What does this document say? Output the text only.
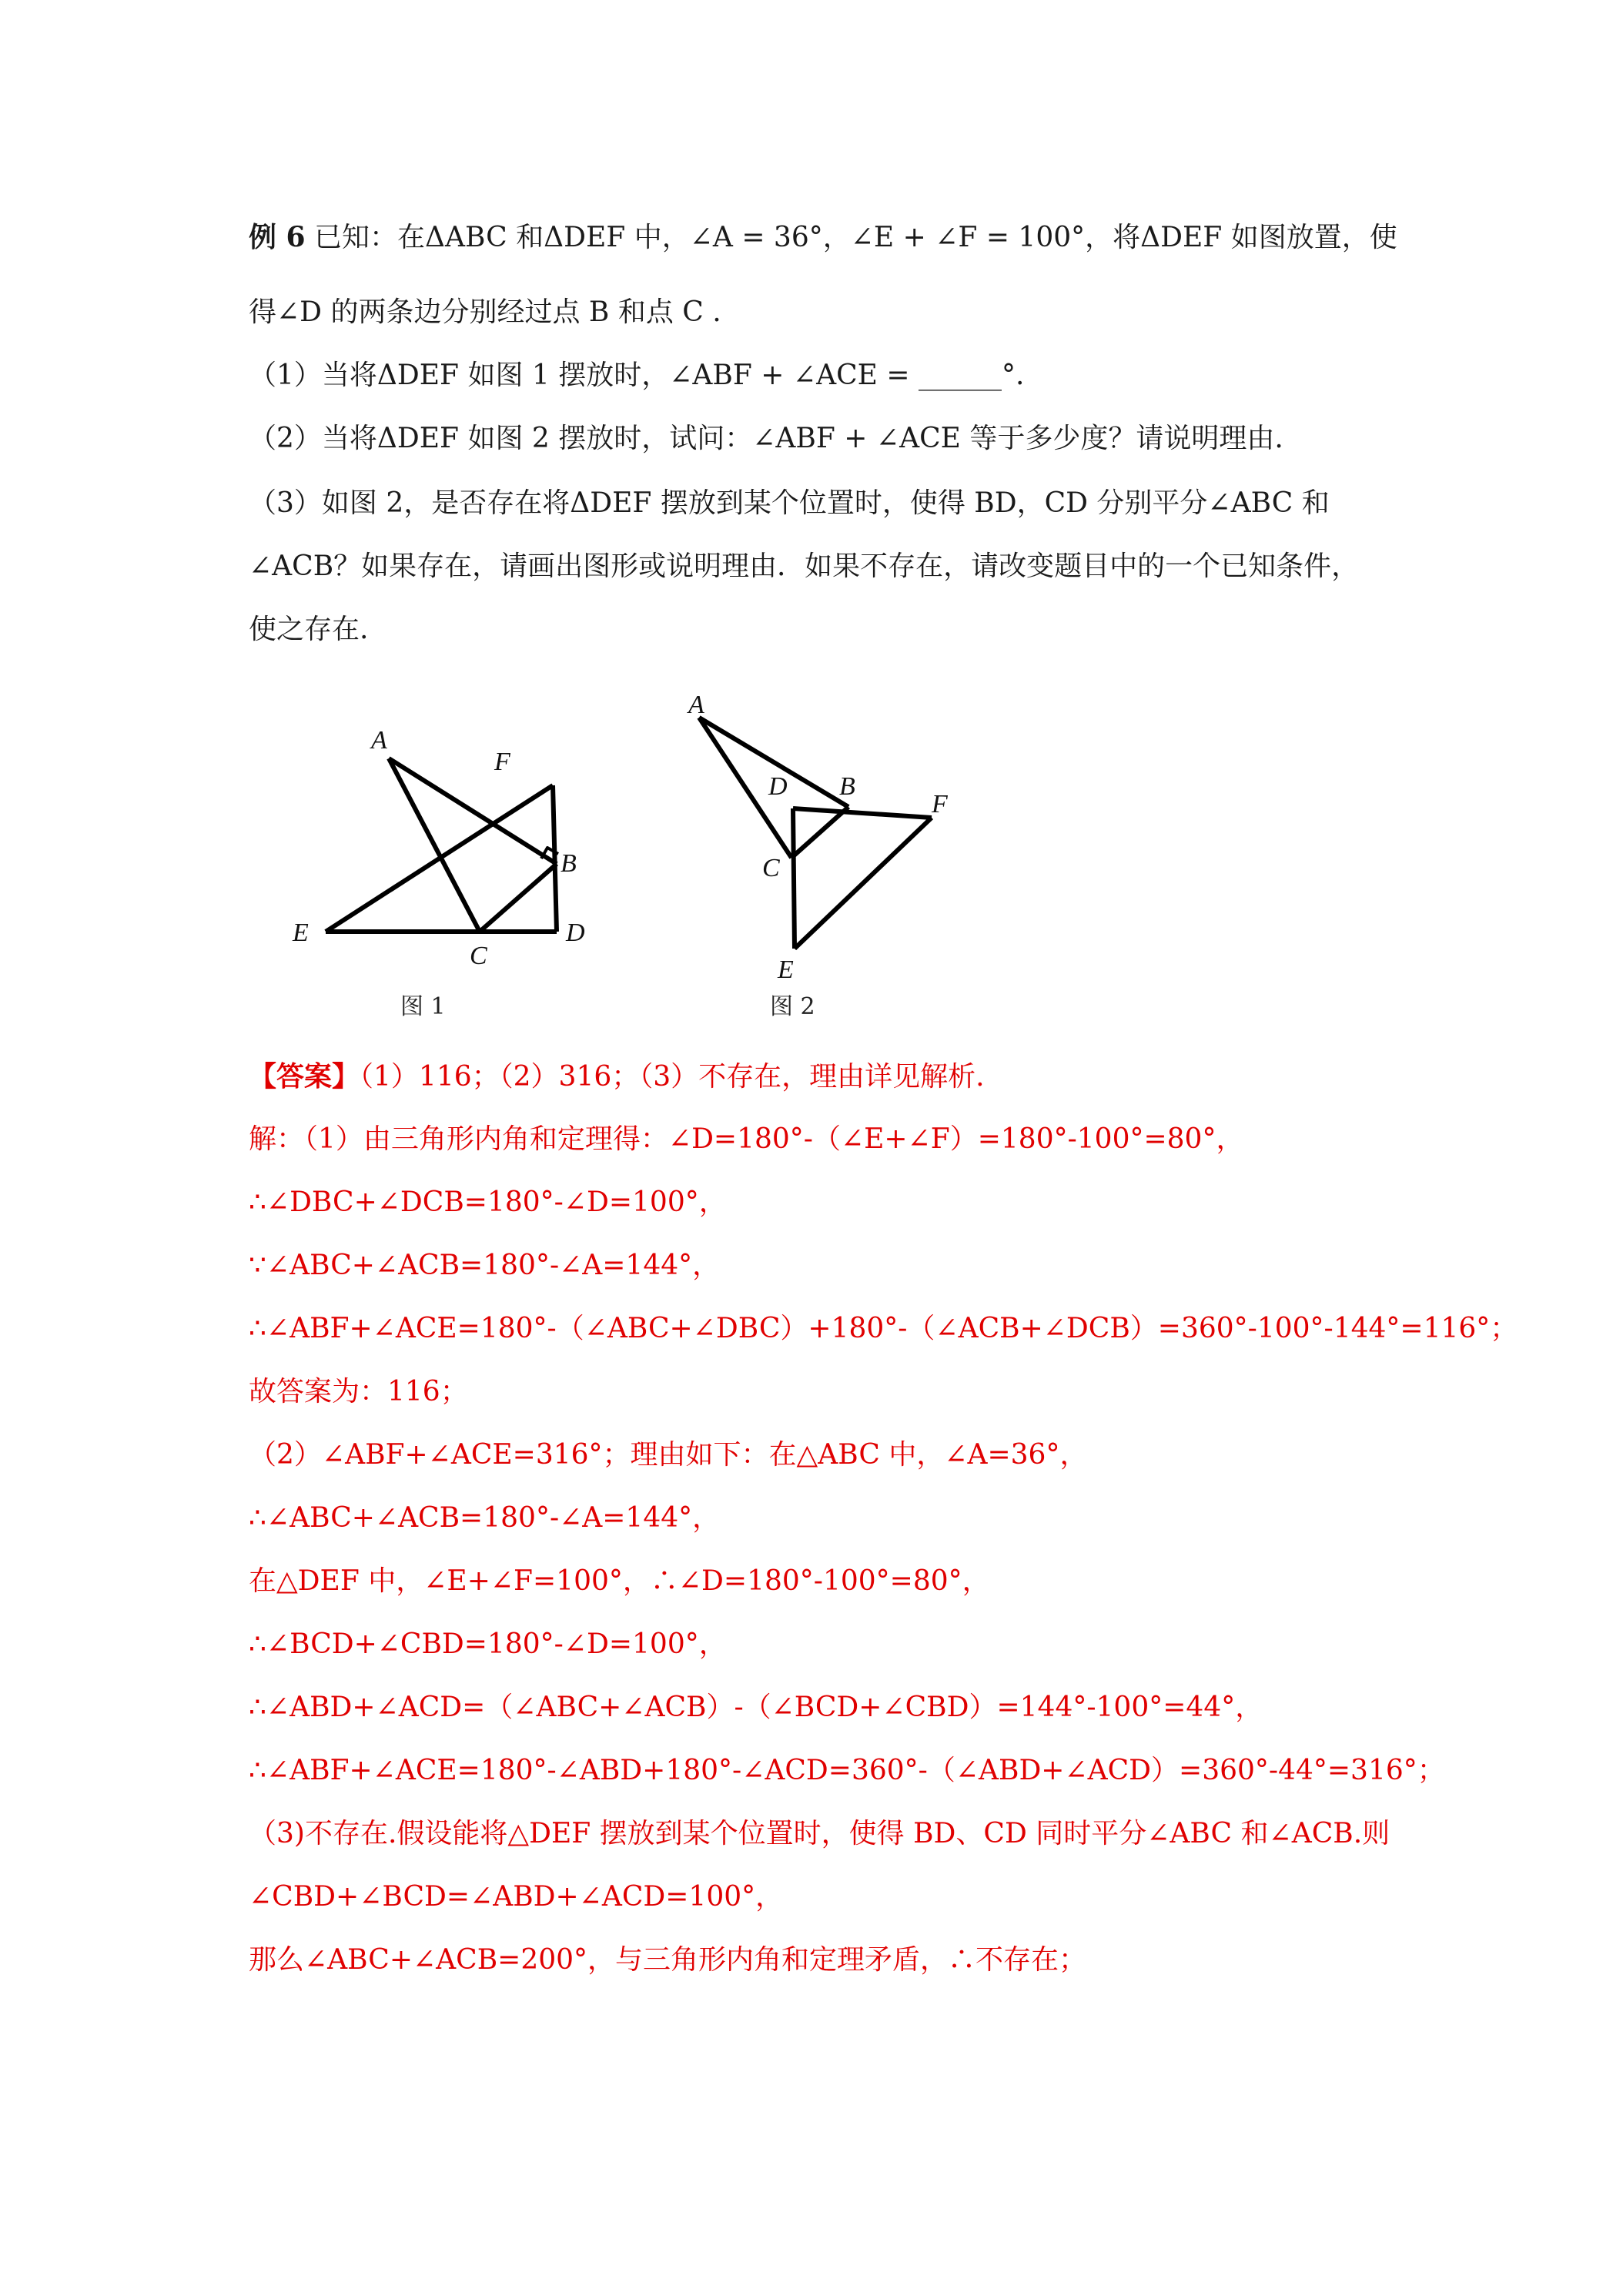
例 6 已知：在ΔABC 和ΔDEF 中，∠A = 36°，∠E + ∠F = 100°，将ΔDEF 如图放置，使
得∠D 的两条边分别经过点 B 和点 C .
（1）当将ΔDEF 如图 1 摆放时，∠ABF + ∠ACE = ______°.
（2）当将ΔDEF 如图 2 摆放时，试问：∠ABF + ∠ACE 等于多少度？请说明理由.
（3）如图 2，是否存在将ΔDEF 摆放到某个位置时，使得 BD，CD 分别平分∠ABC 和
∠ACB？如果存在，请画出图形或说明理由．如果不存在，请改变题目中的一个已知条件，
使之存在.
A
F
B
E
C
D
图 1
A
D B
F
C
E
图 2
【答案】（1）116；（2）316；（3）不存在，理由详见解析.
解：（1）由三角形内角和定理得：∠D=180°-（∠E+∠F）=180°-100°=80°，
∴∠DBC+∠DCB=180°-∠D=100°，
∵∠ABC+∠ACB=180°-∠A=144°，
∴∠ABF+∠ACE=180°-（∠ABC+∠DBC）+180°-（∠ACB+∠DCB）=360°-100°-144°=116°；
故答案为：116；
（2）∠ABF+∠ACE=316°；理由如下：在△ABC 中，∠A=36°，
∴∠ABC+∠ACB=180°-∠A=144°，
在△DEF 中，∠E+∠F=100°，∴∠D=180°-100°=80°，
∴∠BCD+∠CBD=180°-∠D=100°，
∴∠ABD+∠ACD=（∠ABC+∠ACB）-（∠BCD+∠CBD）=144°-100°=44°，
∴∠ABF+∠ACE=180°-∠ABD+180°-∠ACD=360°-（∠ABD+∠ACD）=360°-44°=316°；
（3)不存在.假设能将△DEF 摆放到某个位置时，使得 BD、CD 同时平分∠ABC 和∠ACB.则
∠CBD+∠BCD=∠ABD+∠ACD=100°，
那么∠ABC+∠ACB=200°，与三角形内角和定理矛盾，∴不存在；
